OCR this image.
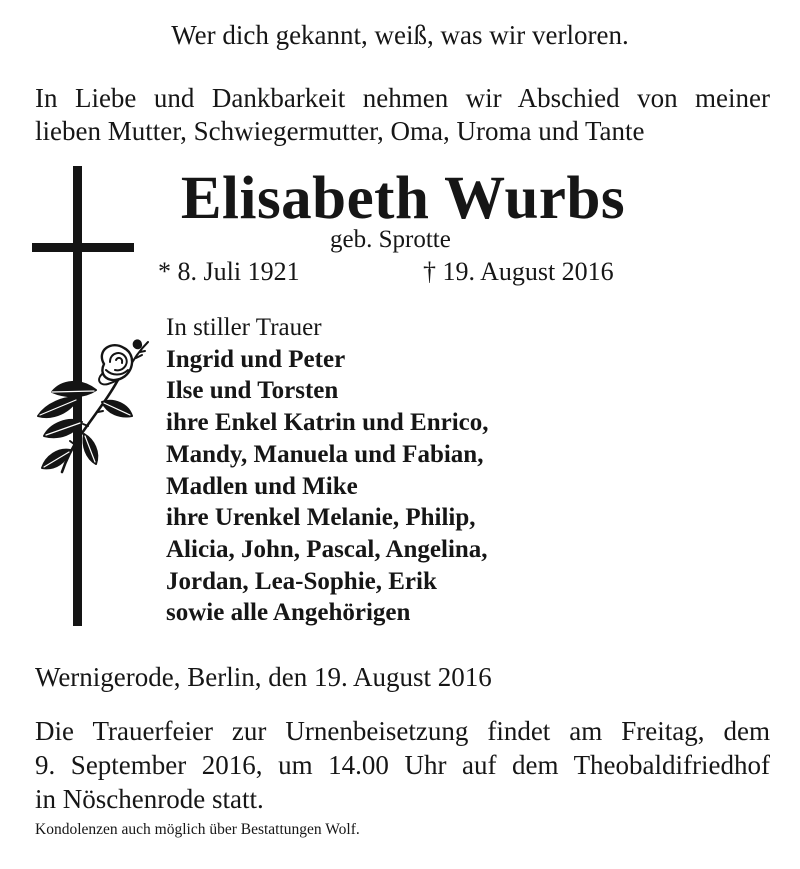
Wer dich gekannt, weiß, was wir verloren.
In Liebe und Dankbarkeit nehmen wir Abschied von meiner
lieben Mutter, Schwiegermutter, Oma, Uroma und Tante
Elisabeth Wurbs
geb. Sprotte
* 8. Juli 1921	† 19. August 2016
In stiller Trauer
Ingrid und Peter
Ilse und Torsten
ihre Enkel Katrin und Enrico,
Mandy, Manuela und Fabian,
Madlen und Mike
ihre Urenkel Melanie, Philip,
Alicia, John, Pascal, Angelina,
Jordan, Lea-Sophie, Erik
sowie alle Angehörigen
Wernigerode, Berlin, den 19. August 2016
Die Trauerfeier zur Urnenbeisetzung findet am Freitag, dem
9. September 2016, um 14.00 Uhr auf dem Theobaldifriedhof
in Nöschenrode statt.
Kondolenzen auch möglich über Bestattungen Wolf.
